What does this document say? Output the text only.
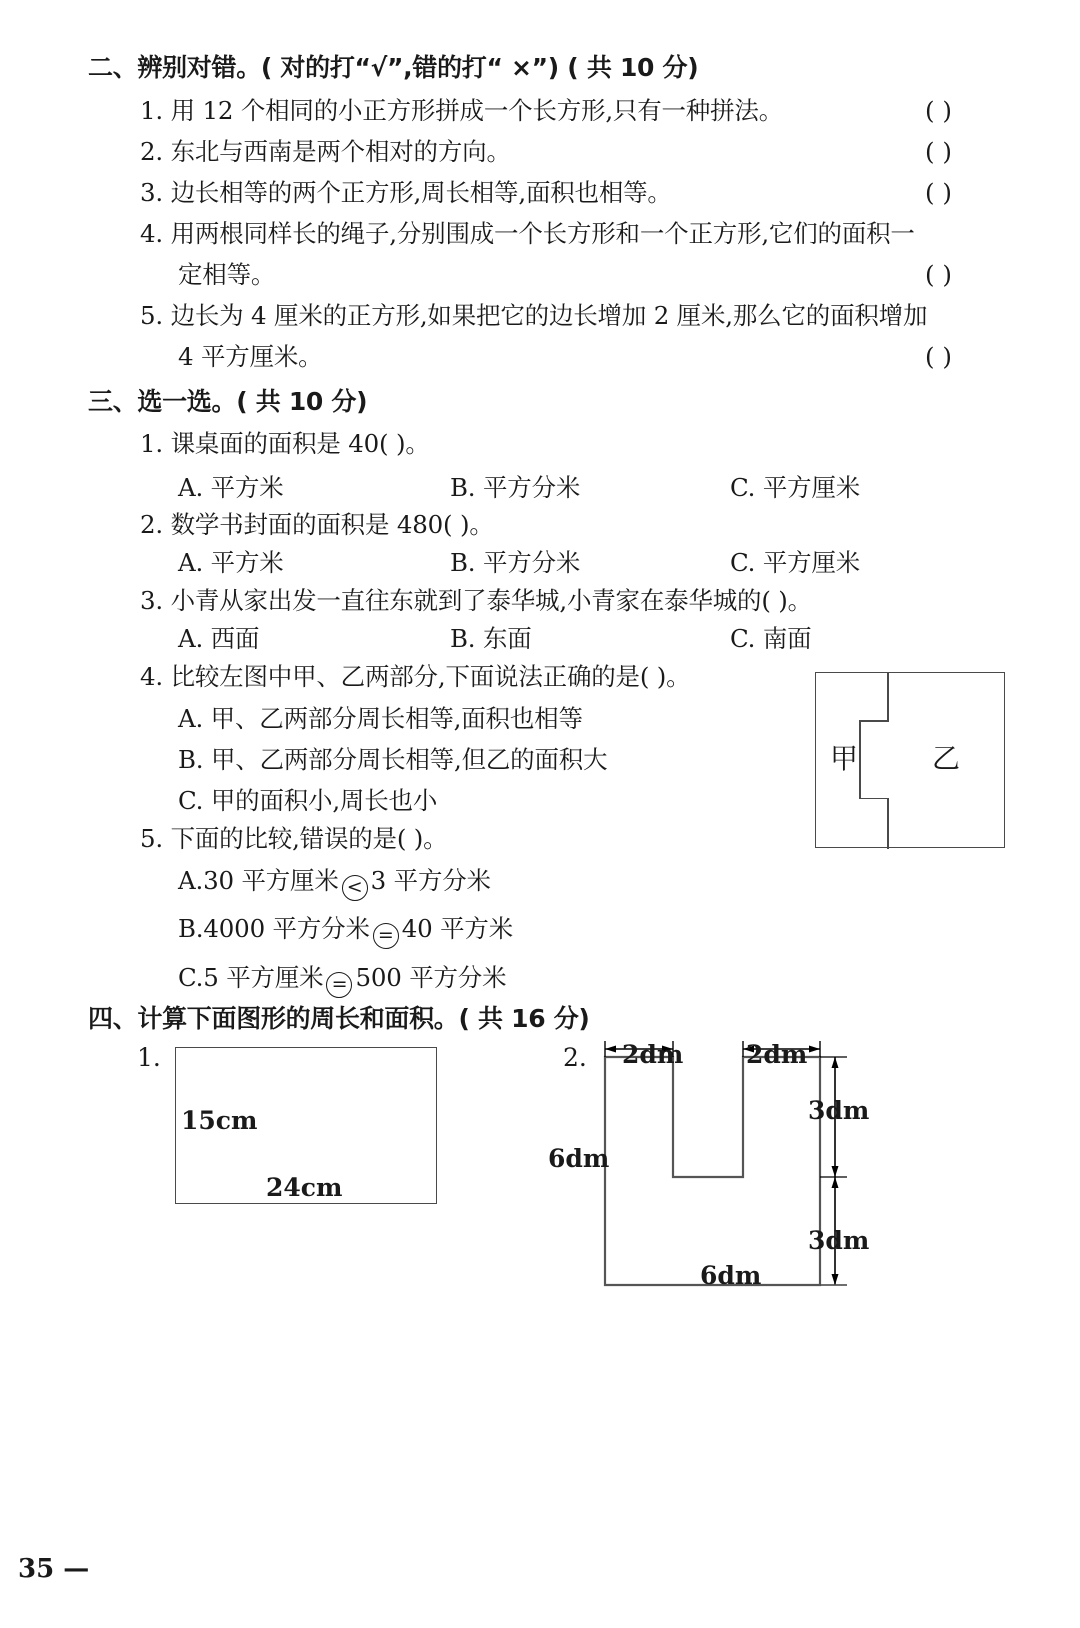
二、辨别对错。( 对的打“√”,错的打“ ×”) ( 共 10 分)
1. 用 12 个相同的小正方形拼成一个长方形,只有一种拼法。	( )
2. 东北与西南是两个相对的方向。	( )
3. 边长相等的两个正方形,周长相等,面积也相等。	( )
4. 用两根同样长的绳子,分别围成一个长方形和一个正方形,它们的面积一
定相等。	( )
5. 边长为 4 厘米的正方形,如果把它的边长增加 2 厘米,那么它的面积增加
4 平方厘米。	( )
三、选一选。( 共 10 分)
1. 课桌面的面积是 40( )。
A. 平方米	B. 平方分米	C. 平方厘米
2. 数学书封面的面积是 480( )。
A. 平方米	B. 平方分米	C. 平方厘米
3. 小青从家出发一直往东就到了泰华城,小青家在泰华城的( )。
A. 西面	B. 东面	C. 南面
4. 比较左图中甲、乙两部分,下面说法正确的是( )。
A. 甲、乙两部分周长相等,面积也相等
B. 甲、乙两部分周长相等,但乙的面积大
C. 甲的面积小,周长也小
甲	乙
5. 下面的比较,错误的是( )。
A.30 平方厘米 < 3 平方分米
B.4000 平方分米 = 40 平方米
C.5 平方厘米 = 500 平方分米
四、计算下面图形的周长和面积。( 共 16 分)
1.
15cm
24cm
2. 2dm	2dm
6dm
3dm
3dm
6dm
35 —
